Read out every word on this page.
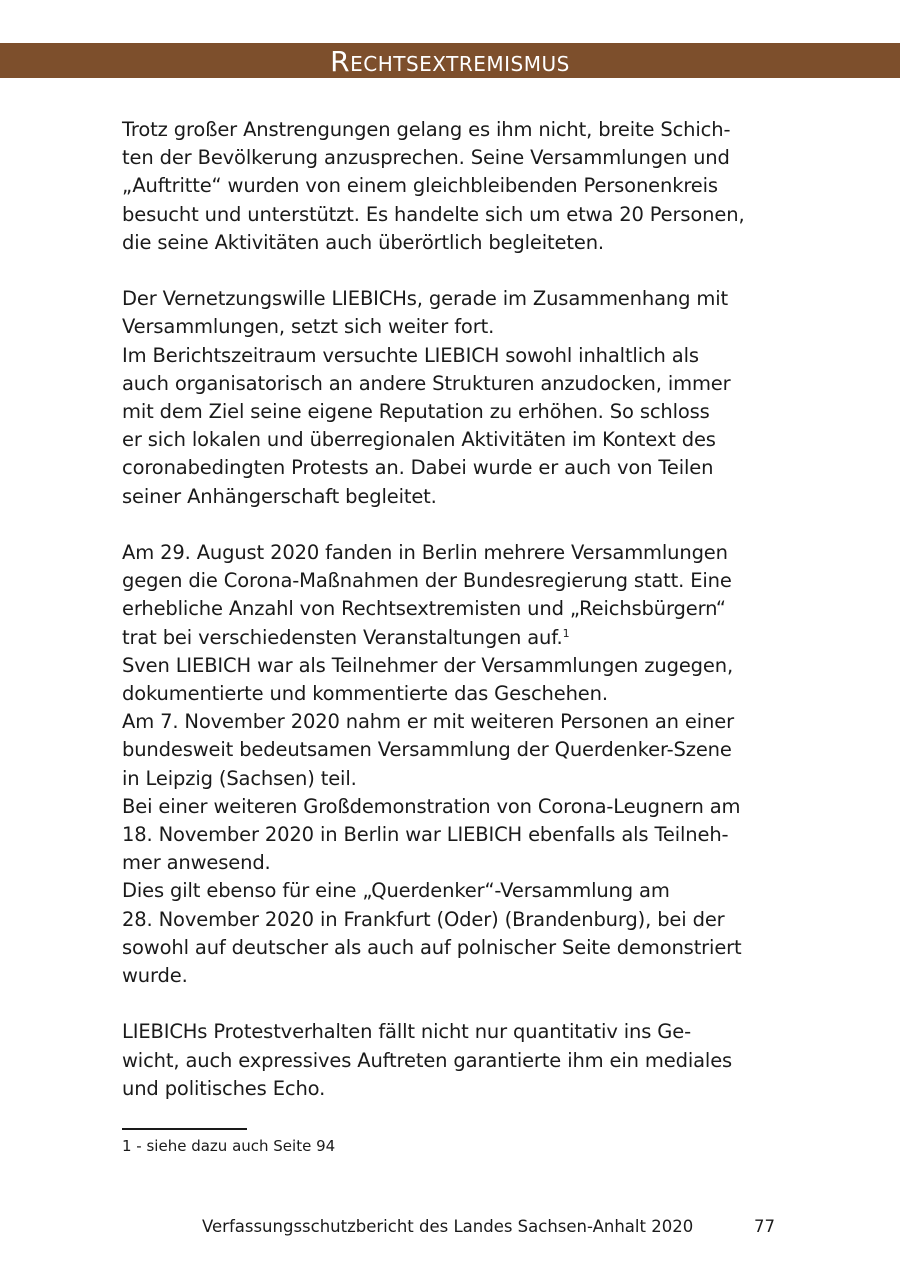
Rechtsextremismus
Trotz großer Anstrengungen gelang es ihm nicht, breite Schich-
ten der Bevölkerung anzusprechen. Seine Versammlungen und
„Auftritte“ wurden von einem gleichbleibenden Personenkreis
besucht und unterstützt. Es handelte sich um etwa 20 Personen,
die seine Aktivitäten auch überörtlich begleiteten.
Der Vernetzungswille LIEBICHs, gerade im Zusammenhang mit
Versammlungen, setzt sich weiter fort.
Im Berichtszeitraum versuchte LIEBICH sowohl inhaltlich als
auch organisatorisch an andere Strukturen anzudocken, immer
mit dem Ziel seine eigene Reputation zu erhöhen. So schloss
er sich lokalen und überregionalen Aktivitäten im Kontext des
coronabedingten Protests an. Dabei wurde er auch von Teilen
seiner Anhängerschaft begleitet.
Am 29. August 2020 fanden in Berlin mehrere Versammlungen
gegen die Corona-Maßnahmen der Bundesregierung statt. Eine
erhebliche Anzahl von Rechtsextremisten und „Reichsbürgern“
trat bei verschiedensten Veranstaltungen auf.$^1$
Sven LIEBICH war als Teilnehmer der Versammlungen zugegen,
dokumentierte und kommentierte das Geschehen.
Am 7. November 2020 nahm er mit weiteren Personen an einer
bundesweit bedeutsamen Versammlung der Querdenker-Szene
in Leipzig (Sachsen) teil.
Bei einer weiteren Großdemonstration von Corona-Leugnern am
18. November 2020 in Berlin war LIEBICH ebenfalls als Teilneh-
mer anwesend.
Dies gilt ebenso für eine „Querdenker“-Versammlung am
28. November 2020 in Frankfurt (Oder) (Brandenburg), bei der
sowohl auf deutscher als auch auf polnischer Seite demonstriert
wurde.
LIEBICHs Protestverhalten fällt nicht nur quantitativ ins Ge-
wicht, auch expressives Auftreten garantierte ihm ein mediales
und politisches Echo.
1 - siehe dazu auch Seite 94
Verfassungsschutzbericht des Landes Sachsen-Anhalt 2020	77
